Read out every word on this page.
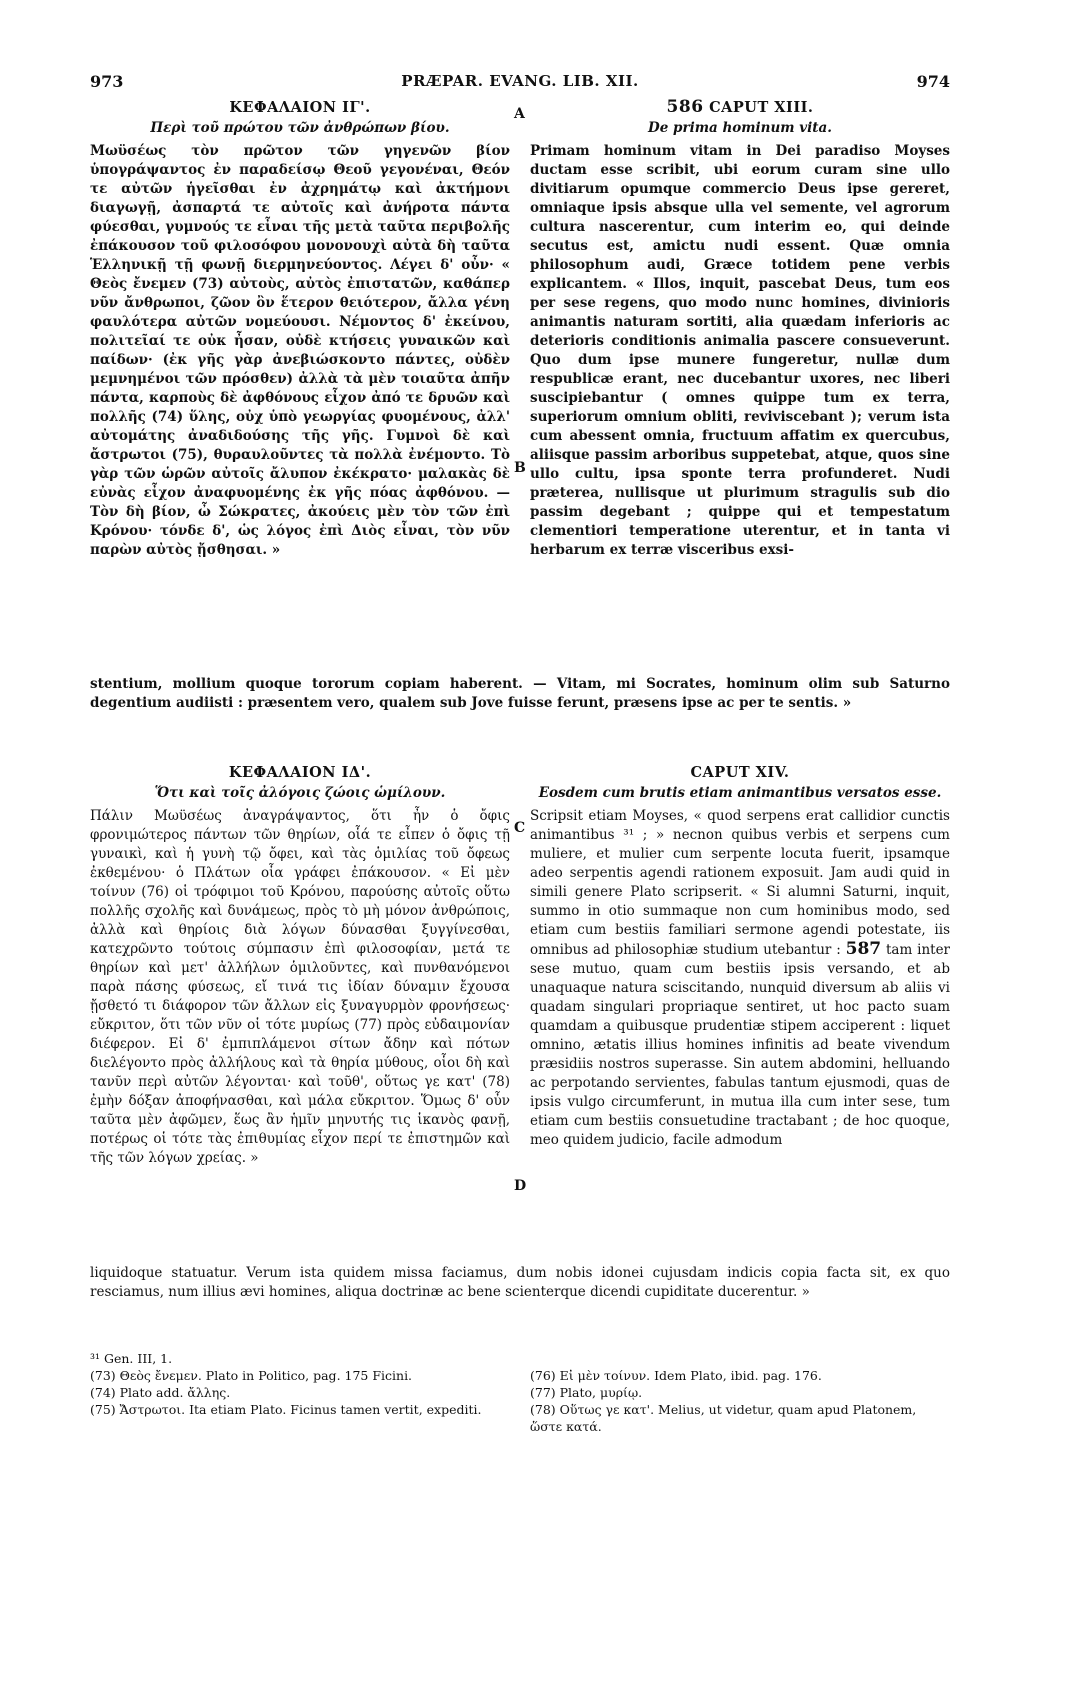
973	PRÆPAR. EVANG. LIB. XII.	974
ΚΕΦΑΛΑΙΟΝ ΙΓ'.
Περὶ τοῦ πρώτου τῶν ἀνθρώπων βίου.

Μωϋσέως τὸν πρῶτον τῶν γηγενῶν βίον ὑπογράψαντος ἐν παραδείσῳ Θεοῦ γεγονέναι, Θεόν τε αὐτῶν ἡγεῖσθαι ἐν ἀχρημάτῳ καὶ ἀκτήμονι διαγωγῇ, ἀσπαρτά τε αὐτοῖς καὶ ἀνήροτα πάντα φύεσθαι, γυμνούς τε εἶναι τῆς μετὰ ταῦτα περιβολῆς ἐπάκουσον τοῦ φιλοσόφου μονονουχὶ αὐτὰ δὴ ταῦτα Ἑλληνικῇ τῇ φωνῇ διερμηνεύοντος. Λέγει δ' οὖν· « Θεὸς ἔνεμεν (73) αὐτοὺς, αὐτὸς ἐπιστατῶν, καθάπερ νῦν ἄνθρωποι, ζῶον ὂν ἕτερον θειότερον, ἄλλα γένη φαυλότερα αὐτῶν νομεύουσι. Νέμοντος δ' ἐκείνου, πολιτεῖαί τε οὐκ ἦσαν, οὐδὲ κτήσεις γυναικῶν καὶ παίδων· (ἐκ γῆς γὰρ ἀνεβιώσκοντο πάντες, οὐδὲν μεμνημένοι τῶν πρόσθεν) ἀλλὰ τὰ μὲν τοιαῦτα ἀπῆν πάντα, καρποὺς δὲ ἀφθόνους εἶχον ἀπό τε δρυῶν καὶ πολλῆς (74) ὕλης, οὐχ ὑπὸ γεωργίας φυομένους, ἀλλ' αὐτομάτης ἀναδιδούσης τῆς γῆς. Γυμνοὶ δὲ καὶ ἄστρωτοι (75), θυραυλοῦντες τὰ πολλὰ ἐνέμοντο. Τὸ γὰρ τῶν ὡρῶν αὐτοῖς ἄλυπον ἐκέκρατο· μαλακὰς δὲ εὐνὰς εἶχον ἀναφυομένης ἐκ γῆς πόας ἀφθόνου. — Τὸν δὴ βίον, ὦ Σώκρατες, ἀκούεις μὲν τὸν τῶν ἐπὶ Κρόνου· τόνδε δ', ὡς λόγος ἐπὶ Διὸς εἶναι, τὸν νῦν παρὼν αὐτὸς ᾔσθησαι. »

A
B
586 CAPUT XIII.
De prima hominum vita.

Primam hominum vitam in Dei paradiso Moyses ductam esse scribit, ubi eorum curam sine ullo divitiarum opumque commercio Deus ipse gereret, omniaque ipsis absque ulla vel semente, vel agrorum cultura nascerentur, cum interim eo, qui deinde secutus est, amictu nudi essent. Quæ omnia philosophum audi, Græce totidem pene verbis explicantem. « Illos, inquit, pascebat Deus, tum eos per sese regens, quo modo nunc homines, divinioris animantis naturam sortiti, alia quædam inferioris ac deterioris conditionis animalia pascere consueverunt. Quo dum ipse munere fungeretur, nullæ dum respublicæ erant, nec ducebantur uxores, nec liberi suscipiebantur ( omnes quippe tum ex terra, superiorum omnium obliti, reviviscebant ); verum ista cum abessent omnia, fructuum affatim ex quercubus, aliisque passim arboribus suppetebat, atque, quos sine ullo cultu, ipsa sponte terra profunderet. Nudi præterea, nullisque ut plurimum stragulis sub dio passim degebant ; quippe qui et tempestatum clementiori temperatione uterentur, et in tanta vi herbarum ex terræ visceribus exsi-

stentium, mollium quoque tororum copiam haberent. — Vitam, mi Socrates, hominum olim sub Saturno degentium audiisti : præsentem vero, qualem sub Jove fuisse ferunt, præsens ipse ac per te sentis. »
ΚΕΦΑΛΑΙΟΝ ΙΔ'.
Ὅτι καὶ τοῖς ἀλόγοις ζώοις ὡμίλουν.

Πάλιν Μωϋσέως ἀναγράψαντος, ὅτι ἦν ὁ ὄφις φρονιμώτερος πάντων τῶν θηρίων, οἷά τε εἶπεν ὁ ὄφις τῇ γυναικὶ, καὶ ἡ γυνὴ τῷ ὄφει, καὶ τὰς ὁμιλίας τοῦ ὄφεως ἐκθεμένου· ὁ Πλάτων οἷα γράφει ἐπάκουσον. « Εἰ μὲν τοίνυν (76) οἱ τρόφιμοι τοῦ Κρόνου, παρούσης αὐτοῖς οὕτω πολλῆς σχολῆς καὶ δυνάμεως, πρὸς τὸ μὴ μόνον ἀνθρώποις, ἀλλὰ καὶ θηρίοις διὰ λόγων δύνασθαι ξυγγίνεσθαι, κατεχρῶντο τούτοις σύμπασιν ἐπὶ φιλοσοφίαν, μετά τε θηρίων καὶ μετ' ἀλλήλων ὁμιλοῦντες, καὶ πυνθανόμενοι παρὰ πάσης φύσεως, εἴ τινά τις ἰδίαν δύναμιν ἔχουσα ᾔσθετό τι διάφορον τῶν ἄλλων εἰς ξυναγυρμὸν φρονήσεως· εὔκριτον, ὅτι τῶν νῦν οἱ τότε μυρίως (77) πρὸς εὐδαιμονίαν διέφερον. Εἰ δ' ἐμπιπλάμενοι σίτων ἄδην καὶ πότων διελέγοντο πρὸς ἀλλήλους καὶ τὰ θηρία μύθους, οἷοι δὴ καὶ τανῦν περὶ αὐτῶν λέγονται· καὶ τοῦθ', οὕτως γε κατ' (78) ἐμὴν δόξαν ἀποφήνασθαι, καὶ μάλα εὔκριτον. Ὅμως δ' οὖν ταῦτα μὲν ἀφῶμεν, ἕως ἂν ἡμῖν μηνυτής τις ἱκανὸς φανῇ, ποτέρως οἱ τότε τὰς ἐπιθυμίας εἶχον περί τε ἐπιστημῶν καὶ τῆς τῶν λόγων χρείας. »

C
D
CAPUT XIV.
Eosdem cum brutis etiam animantibus versatos esse.

Scripsit etiam Moyses, « quod serpens erat callidior cunctis animantibus ³¹ ; » necnon quibus verbis et serpens cum muliere, et mulier cum serpente locuta fuerit, ipsamque adeo serpentis agendi rationem exposuit. Jam audi quid in simili genere Plato scripserit. « Si alumni Saturni, inquit, summo in otio summaque non cum hominibus modo, sed etiam cum bestiis familiari sermone agendi potestate, iis omnibus ad philosophiæ studium utebantur : 587 tam inter sese mutuo, quam cum bestiis ipsis versando, et ab unaquaque natura sciscitando, nunquid diversum ab aliis vi quadam singulari propriaque sentiret, ut hoc pacto suam quamdam a quibusque prudentiæ stipem acciperent : liquet omnino, ætatis illius homines infinitis ad beate vivendum præsidiis nostros superasse. Sin autem abdomini, helluando ac perpotando servientes, fabulas tantum ejusmodi, quas de ipsis vulgo circumferunt, in mutua illa cum inter sese, tum etiam cum bestiis consuetudine tractabant ; de hoc quoque, meo quidem judicio, facile admodum

liquidoque statuatur. Verum ista quidem missa faciamus, dum nobis idonei cujusdam indicis copia facta sit, ex quo resciamus, num illius ævi homines, aliqua doctrinæ ac bene scienterque dicendi cupiditate ducerentur. »

³¹ Gen. III, 1.

(73) Θεὸς ἔνεμεν. Plato in Politico, pag. 175 Ficini.

(74) Plato add. ἄλλης.

(75) Ἄστρωτοι. Ita etiam Plato. Ficinus tamen vertit, expediti.

(76) Εἰ μὲν τοίνυν. Idem Plato, ibid. pag. 176.

(77) Plato, μυρίῳ.

(78) Οὕτως γε κατ'. Melius, ut videtur, quam apud Platonem, ὥστε κατά.
